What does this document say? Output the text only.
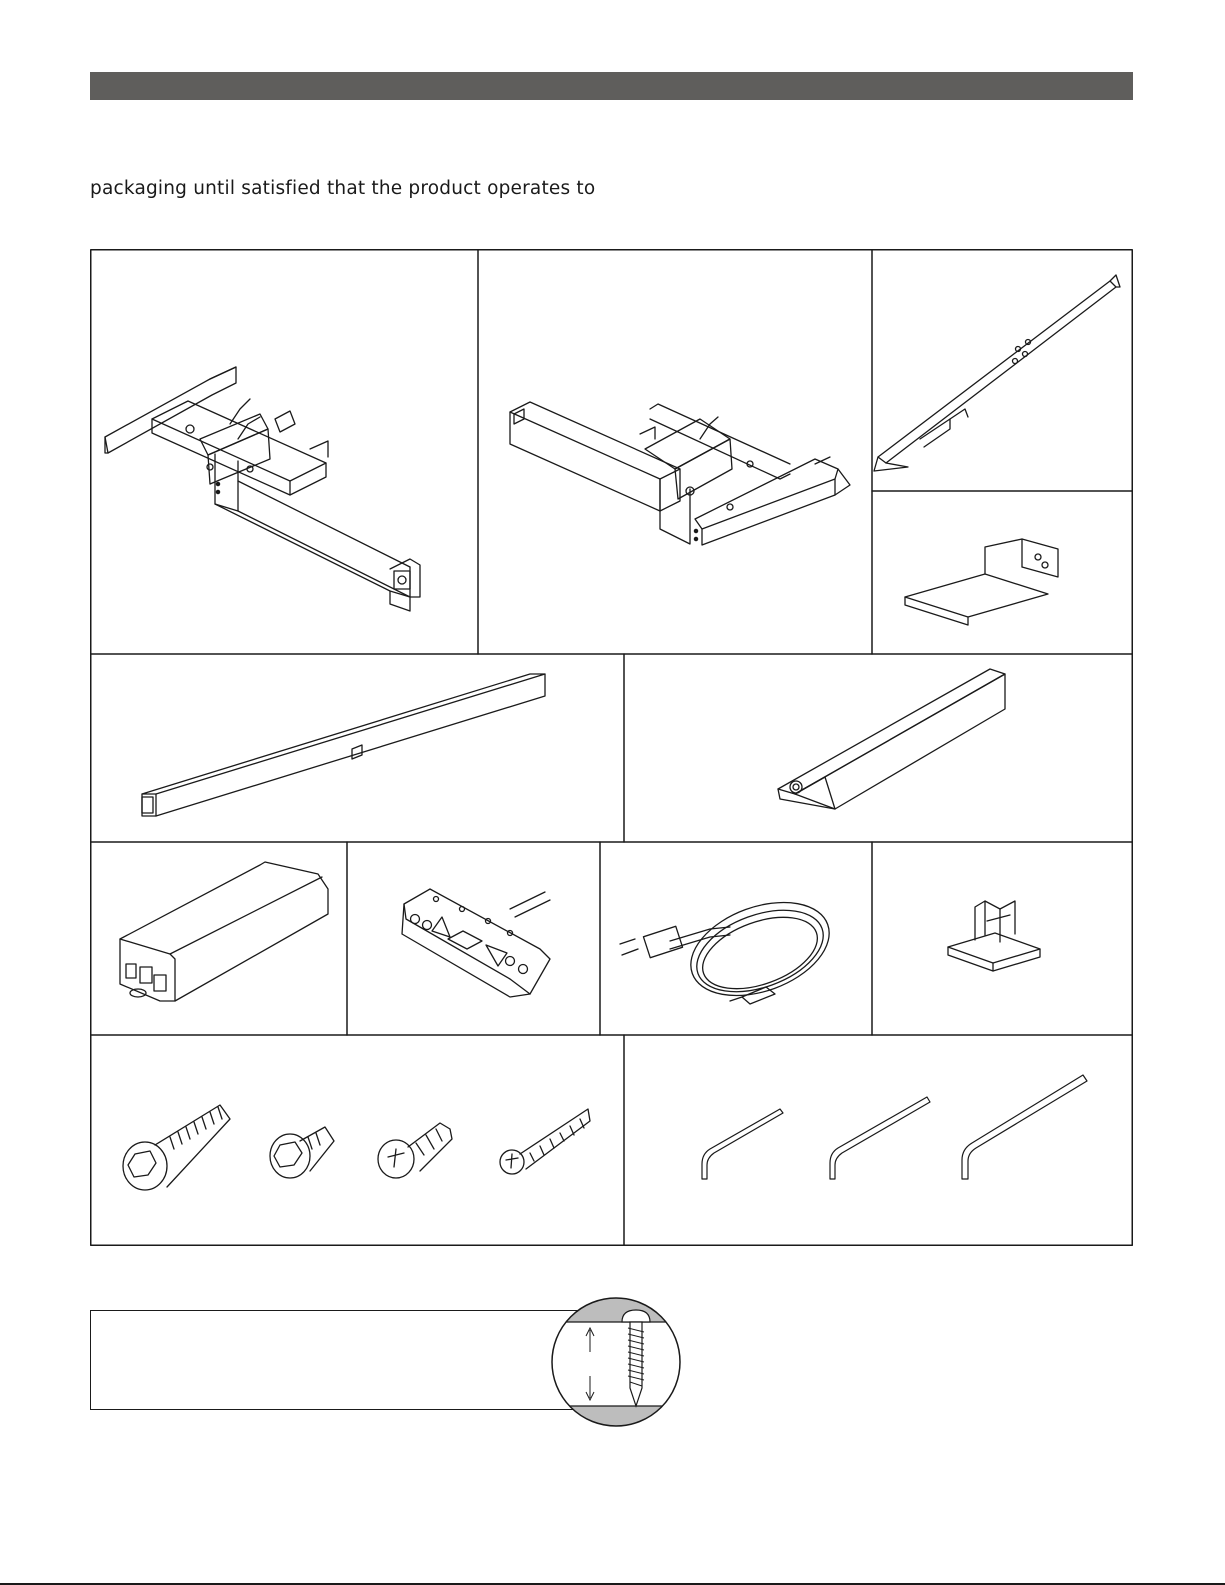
packaging until satisfied that the product operates to
